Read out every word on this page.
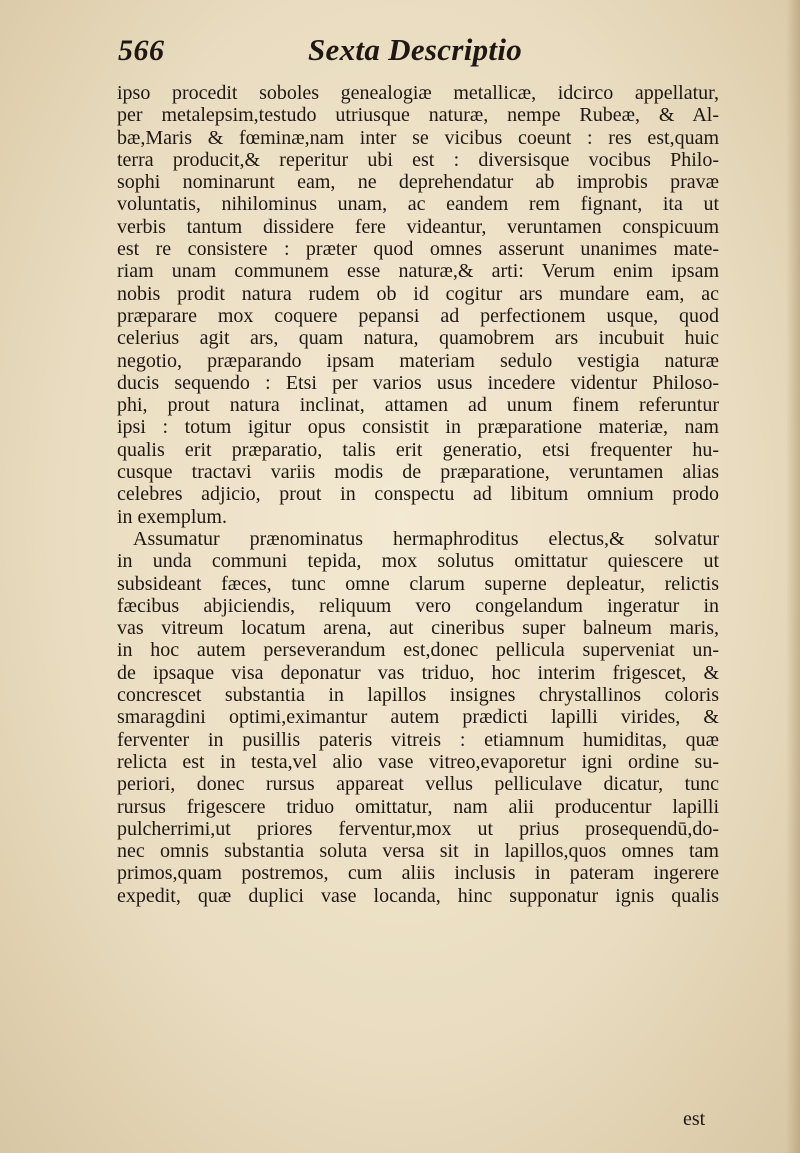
566	Sexta Descriptio
ipso procedit soboles genealogiæ metallicæ, idcirco appellatur,
per metalepsim,testudo utriusque naturæ, nempe Rubeæ, & Al-
bæ,Maris & fœminæ,nam inter se vicibus coeunt : res est,quam
terra producit,& reperitur ubi est : diversisque vocibus Philo-
sophi nominarunt eam, ne deprehendatur ab improbis pravæ
voluntatis, nihilominus unam, ac eandem rem fignant, ita ut
verbis tantum dissidere fere videantur, veruntamen conspicuum
est re consistere : præter quod omnes asserunt unanimes mate-
riam unam communem esse naturæ,& arti: Verum enim ipsam
nobis prodit natura rudem ob id cogitur ars mundare eam, ac
præparare mox coquere pepansi ad perfectionem usque, quod
celerius agit ars, quam natura, quamobrem ars incubuit huic
negotio, præparando ipsam materiam sedulo vestigia naturæ
ducis sequendo : Etsi per varios usus incedere videntur Philoso-
phi, prout natura inclinat, attamen ad unum finem referuntur
ipsi : totum igitur opus consistit in præparatione materiæ, nam
qualis erit præparatio, talis erit generatio, etsi frequenter hu-
cusque tractavi variis modis de præparatione, veruntamen alias
celebres adjicio, prout in conspectu ad libitum omnium prodo
in exemplum.
Assumatur prænominatus hermaphroditus electus,& solvatur
in unda communi tepida, mox solutus omittatur quiescere ut
subsideant fæces, tunc omne clarum superne depleatur, relictis
fæcibus abjiciendis, reliquum vero congelandum ingeratur in
vas vitreum locatum arena, aut cineribus super balneum maris,
in hoc autem perseverandum est,donec pellicula superveniat un-
de ipsaque visa deponatur vas triduo, hoc interim frigescet, &
concrescet substantia in lapillos insignes chrystallinos coloris
smaragdini optimi,eximantur autem prædicti lapilli virides, &
ferventer in pusillis pateris vitreis : etiamnum humiditas, quæ
relicta est in testa,vel alio vase vitreo,evaporetur igni ordine su-
periori, donec rursus appareat vellus pelliculave dicatur, tunc
rursus frigescere triduo omittatur, nam alii producentur lapilli
pulcherrimi,ut priores ferventur,mox ut prius prosequendū,do-
nec omnis substantia soluta versa sit in lapillos,quos omnes tam
primos,quam postremos, cum aliis inclusis in pateram ingerere
expedit, quæ duplici vase locanda, hinc supponatur ignis qualis
est
